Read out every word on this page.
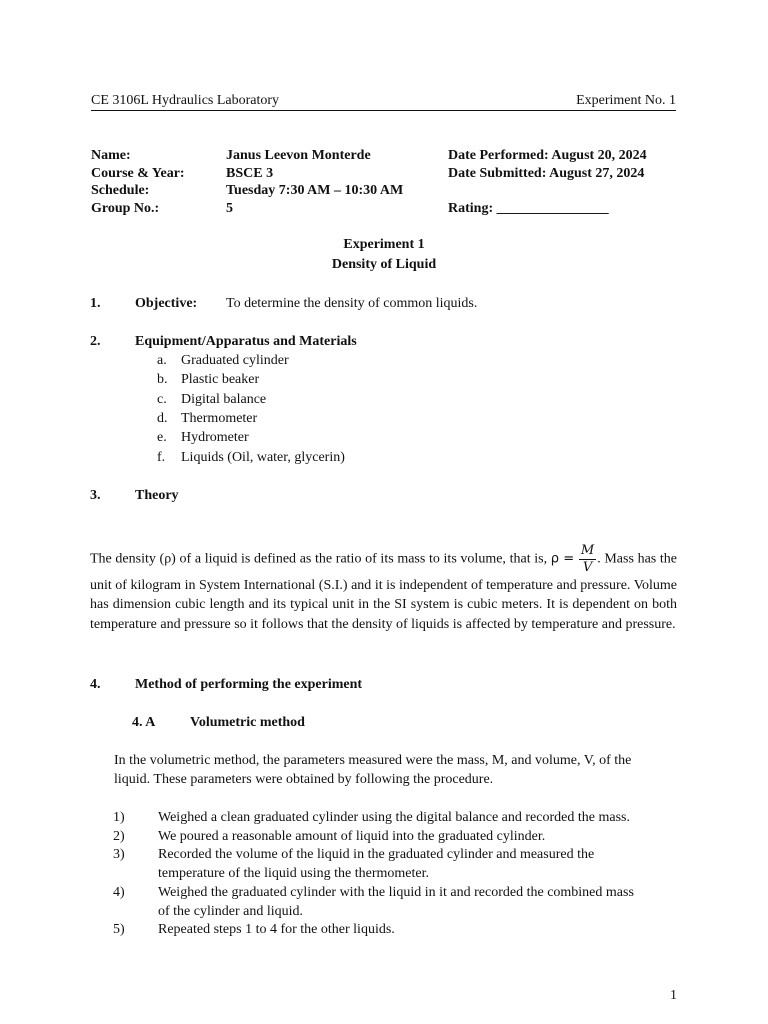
CE 3106L Hydraulics Laboratory	Experiment No. 1
Name:	Janus Leevon Monterde	Date Performed: August 20, 2024
Course & Year:	BSCE 3	Date Submitted: August 27, 2024
Schedule:	Tuesday 7:30 AM – 10:30 AM
Group No.:	5	Rating: ________________
Experiment 1
Density of Liquid
1. Objective: To determine the density of common liquids.
2. Equipment/Apparatus and Materials
a. Graduated cylinder
b. Plastic beaker
c. Digital balance
d. Thermometer
e. Hydrometer
f. Liquids (Oil, water, glycerin)
3. Theory
The density (ρ) of a liquid is defined as the ratio of its mass to its volume, that is, $\rho = \frac{M}{V}$ . Mass has the unit of kilogram in System International (S.I.) and it is independent of temperature and pressure. Volume has dimension cubic length and its typical unit in the SI system is cubic meters. It is dependent on both temperature and pressure so it follows that the density of liquids is affected by temperature and pressure.
4. Method of performing the experiment
4. A Volumetric method
In the volumetric method, the parameters measured were the mass, M, and volume, V, of the
liquid. These parameters were obtained by following the procedure.
1) Weighed a clean graduated cylinder using the digital balance and recorded the mass.
2) We poured a reasonable amount of liquid into the graduated cylinder.
3) Recorded the volume of the liquid in the graduated cylinder and measured the
temperature of the liquid using the thermometer.
4) Weighed the graduated cylinder with the liquid in it and recorded the combined mass
of the cylinder and liquid.
5) Repeated steps 1 to 4 for the other liquids.
1
